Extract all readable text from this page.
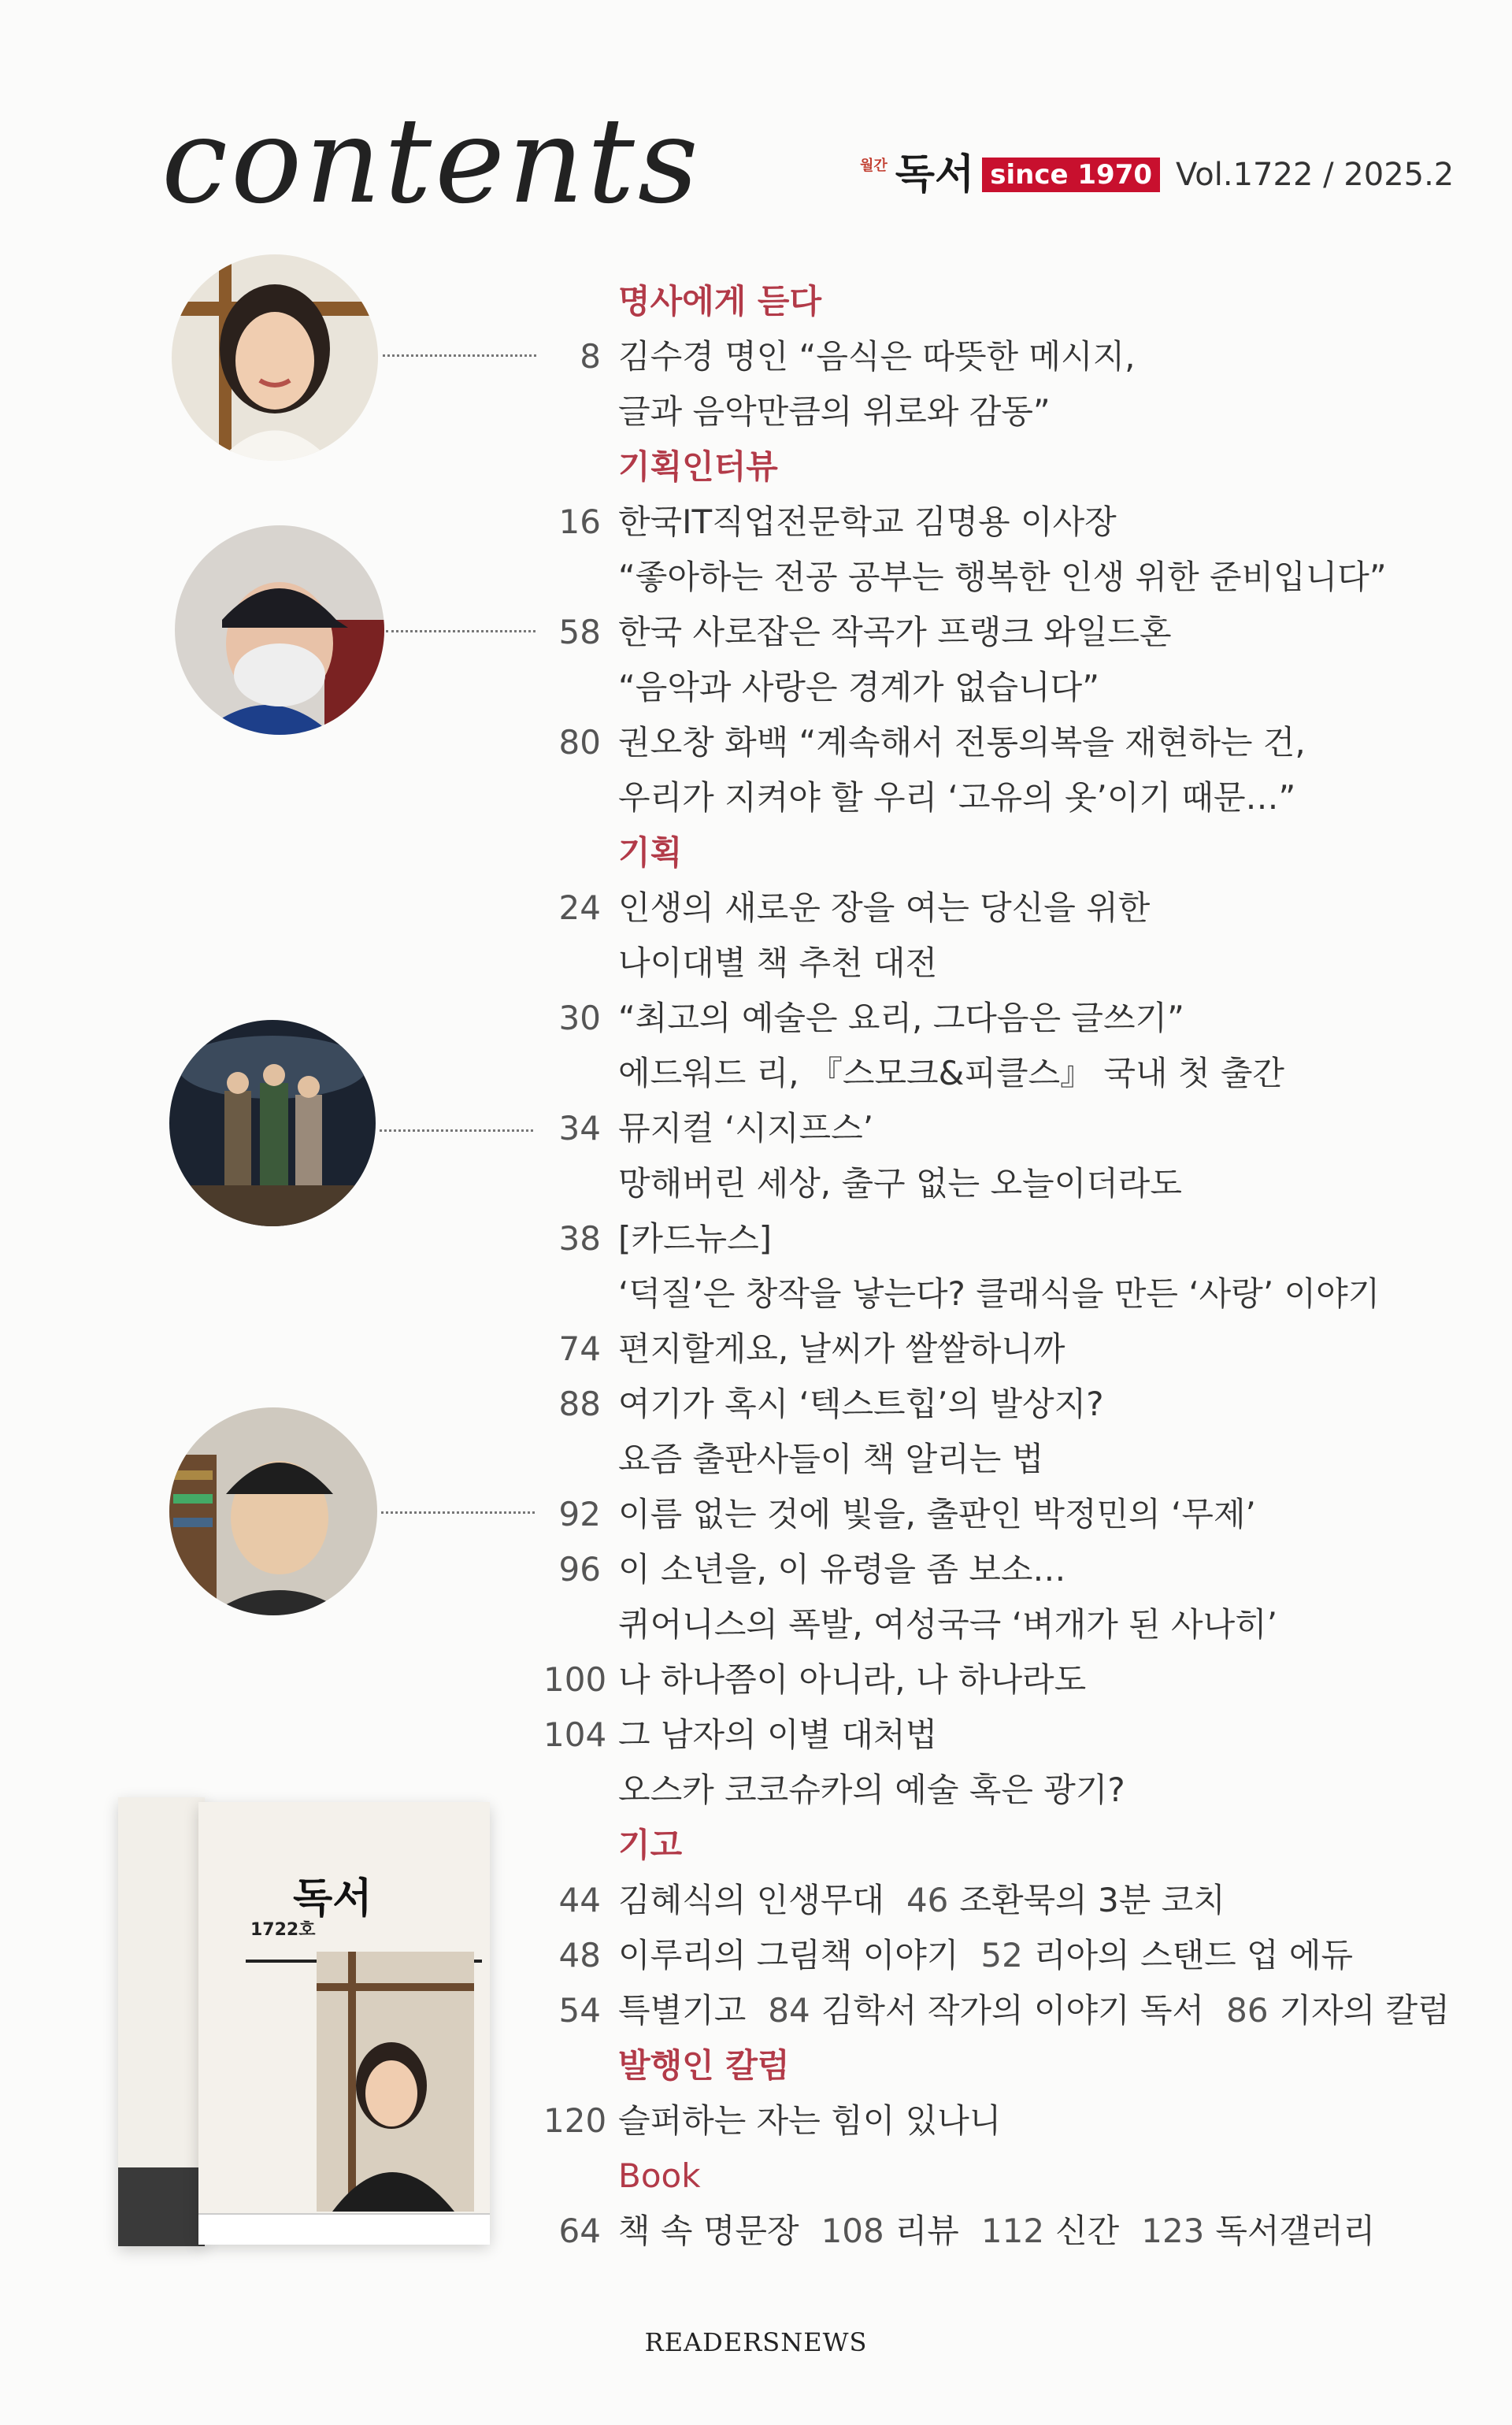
contents	월간 독서 since 1970 Vol.1722 / 2025.2
독서
1722호
명사에게 듣다
8 김수경 명인 “음식은 따뜻한 메시지,
글과 음악만큼의 위로와 감동”
기획인터뷰
16 한국IT직업전문학교 김명용 이사장
“좋아하는 전공 공부는 행복한 인생 위한 준비입니다”
58 한국 사로잡은 작곡가 프랭크 와일드혼
“음악과 사랑은 경계가 없습니다”
80 권오창 화백 “계속해서 전통의복을 재현하는 건,
우리가 지켜야 할 우리 ‘고유의 옷’이기 때문…”
기획
24 인생의 새로운 장을 여는 당신을 위한
나이대별 책 추천 대전
30 “최고의 예술은 요리, 그다음은 글쓰기”
에드워드 리, 『스모크&피클스』 국내 첫 출간
34 뮤지컬 ‘시지프스’
망해버린 세상, 출구 없는 오늘이더라도
38 [카드뉴스]
‘덕질’은 창작을 낳는다? 클래식을 만든 ‘사랑’ 이야기
74 편지할게요, 날씨가 쌀쌀하니까
88 여기가 혹시 ‘텍스트힙’의 발상지?
요즘 출판사들이 책 알리는 법
92 이름 없는 것에 빛을, 출판인 박정민의 ‘무제’
96 이 소년을, 이 유령을 좀 보소…
퀴어니스의 폭발, 여성국극 ‘벼개가 된 사나히’
100 나 하나쯤이 아니라, 나 하나라도
104 그 남자의 이별 대처법
오스카 코코슈카의 예술 혹은 광기?
기고
44 김혜식의 인생무대 46 조환묵의 3분 코치
48 이루리의 그림책 이야기 52 리아의 스탠드 업 에듀
54 특별기고 84 김학서 작가의 이야기 독서 86 기자의 칼럼
발행인 칼럼
120 슬퍼하는 자는 힘이 있나니
Book
64 책 속 명문장 108 리뷰 112 신간 123 독서갤러리
READERSNEWS
